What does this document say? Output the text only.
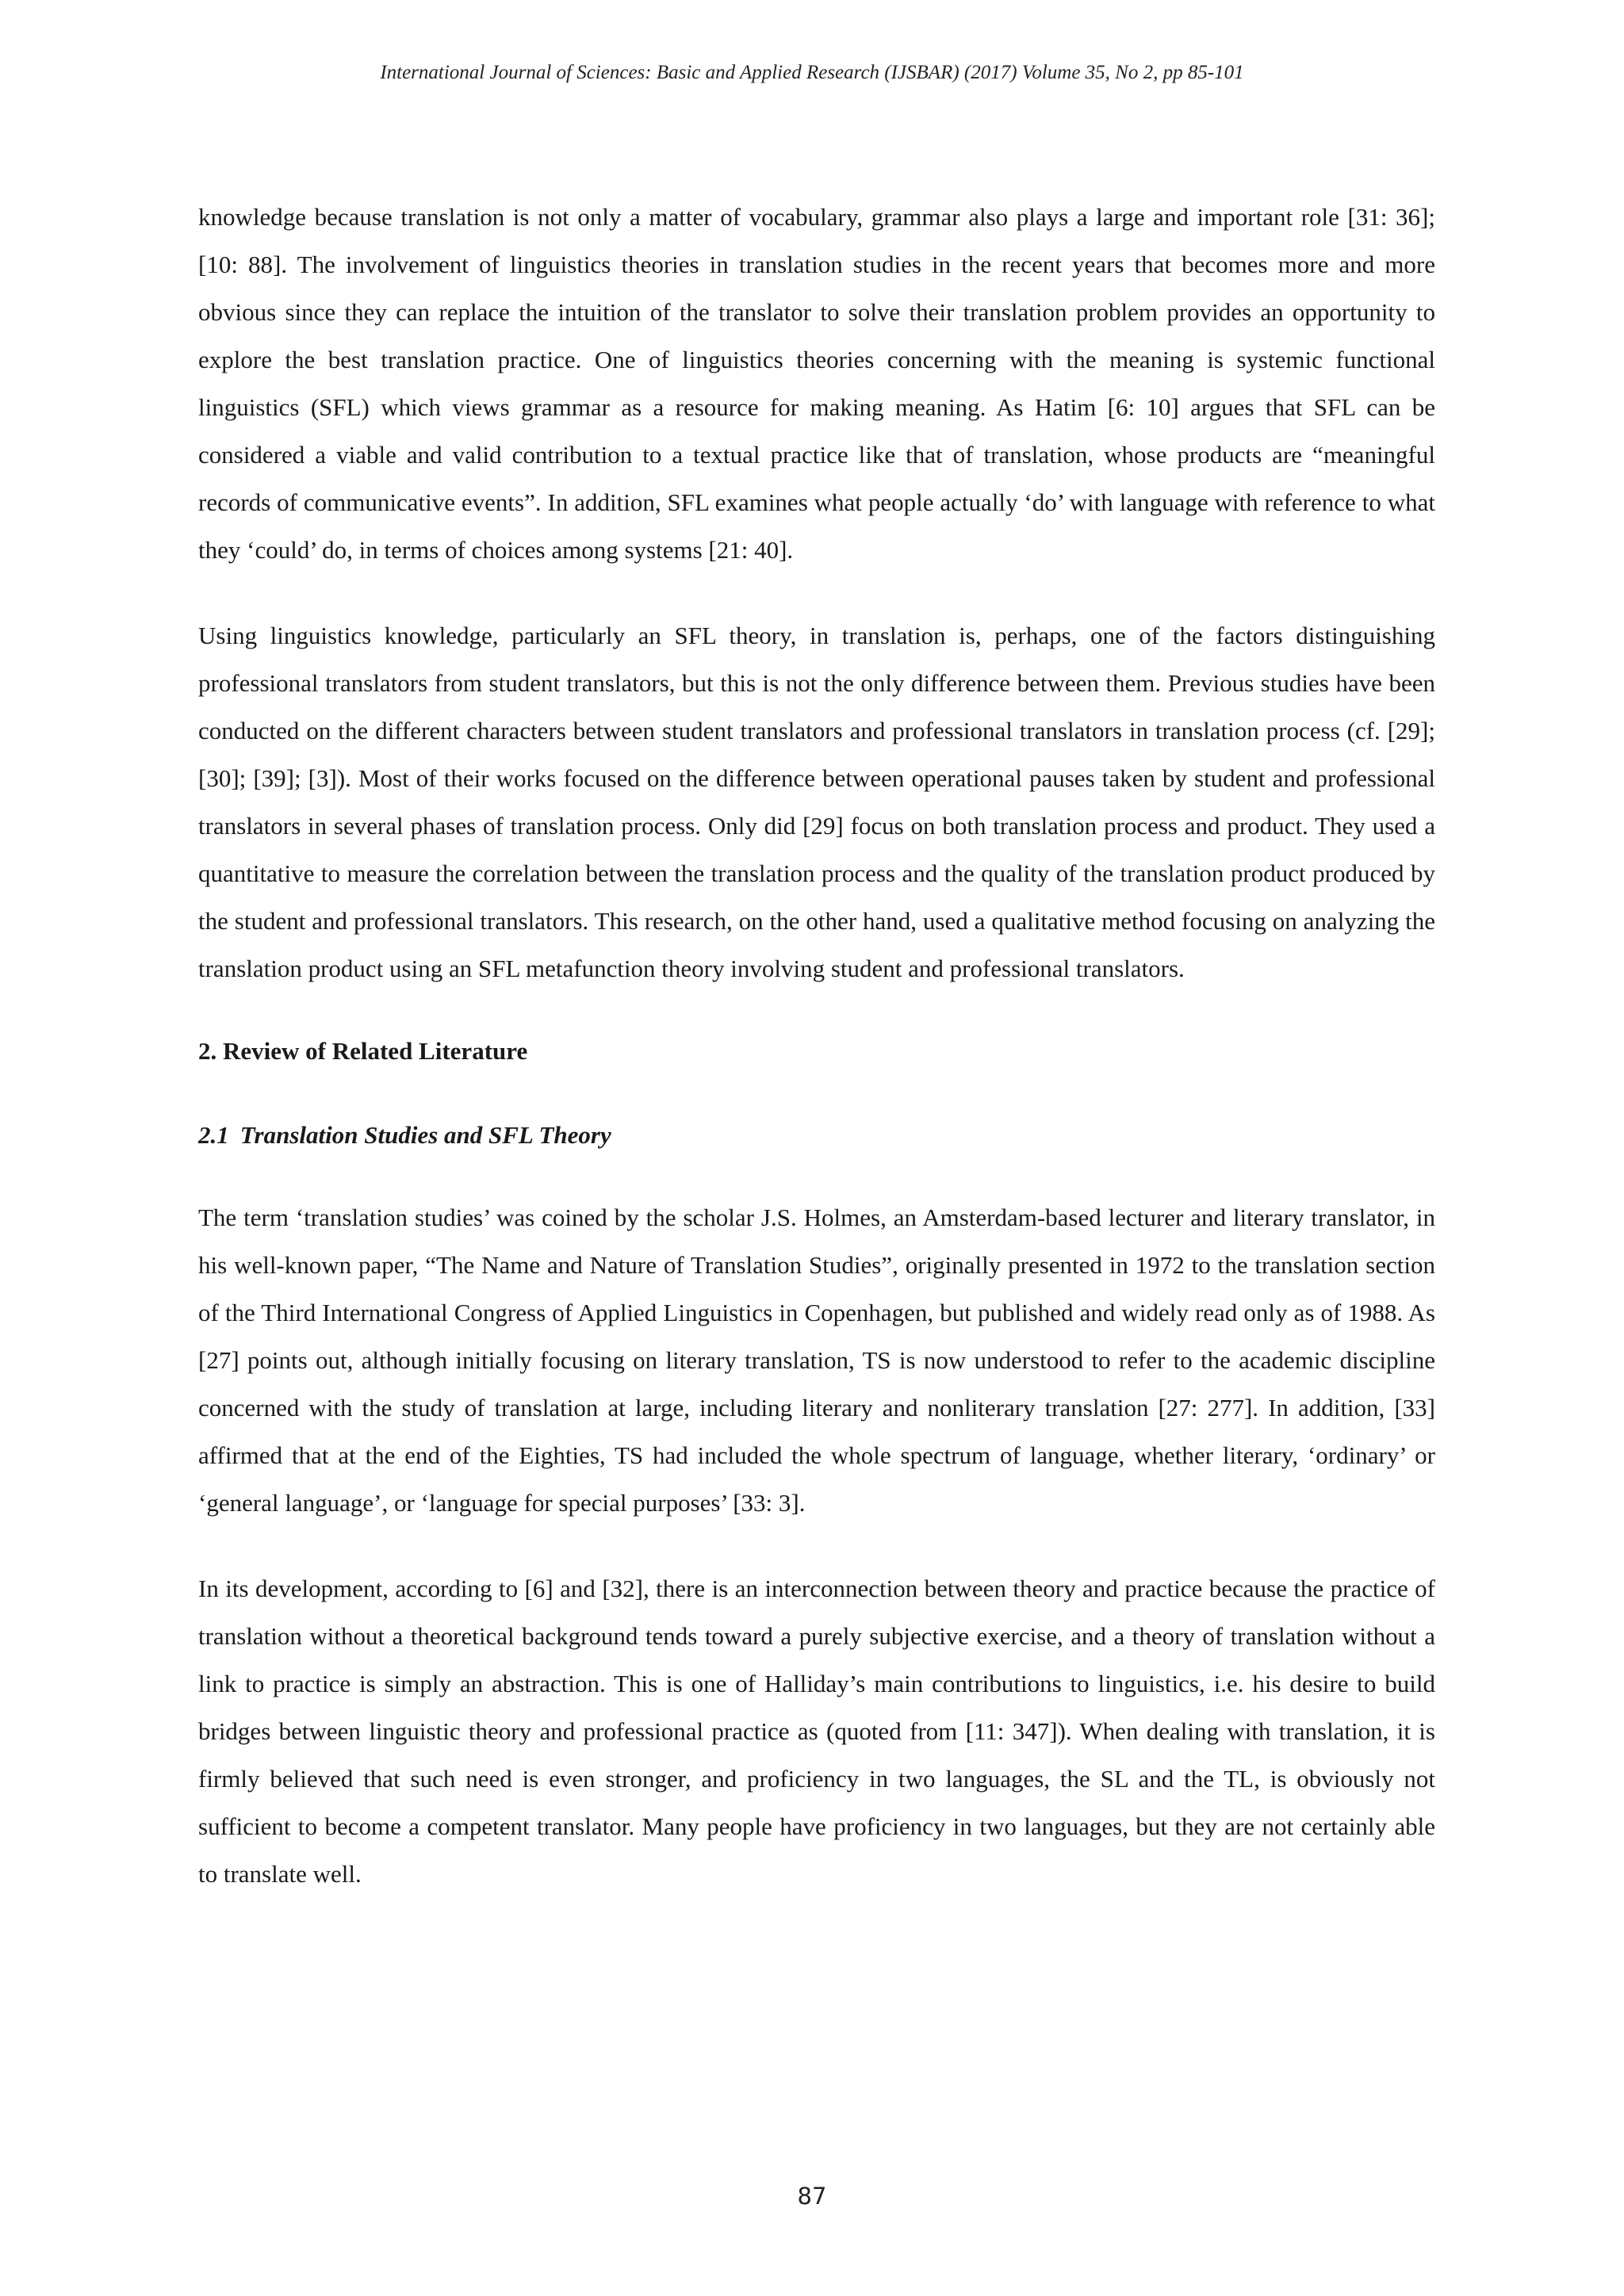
International Journal of Sciences: Basic and Applied Research (IJSBAR) (2017) Volume 35, No 2, pp 85-101

knowledge because translation is not only a matter of vocabulary, grammar also plays a large and important role [31: 36]; [10: 88]. The involvement of linguistics theories in translation studies in the recent years that becomes more and more obvious since they can replace the intuition of the translator to solve their translation problem provides an opportunity to explore the best translation practice. One of linguistics theories concerning with the meaning is systemic functional linguistics (SFL) which views grammar as a resource for making meaning. As Hatim [6: 10] argues that SFL can be considered a viable and valid contribution to a textual practice like that of translation, whose products are “meaningful records of communicative events”. In addition, SFL examines what people actually ‘do’ with language with reference to what they ‘could’ do, in terms of choices among systems [21: 40].

Using linguistics knowledge, particularly an SFL theory, in translation is, perhaps, one of the factors distinguishing professional translators from student translators, but this is not the only difference between them. Previous studies have been conducted on the different characters between student translators and professional translators in translation process (cf. [29]; [30]; [39]; [3]). Most of their works focused on the difference between operational pauses taken by student and professional translators in several phases of translation process. Only did [29] focus on both translation process and product. They used a quantitative to measure the correlation between the translation process and the quality of the translation product produced by the student and professional translators. This research, on the other hand, used a qualitative method focusing on analyzing the translation product using an SFL metafunction theory involving student and professional translators.

2. Review of Related Literature
2.1 Translation Studies and SFL Theory

The term ‘translation studies’ was coined by the scholar J.S. Holmes, an Amsterdam-based lecturer and literary translator, in his well-known paper, “The Name and Nature of Translation Studies”, originally presented in 1972 to the translation section of the Third International Congress of Applied Linguistics in Copenhagen, but published and widely read only as of 1988. As [27] points out, although initially focusing on literary translation, TS is now understood to refer to the academic discipline concerned with the study of translation at large, including literary and nonliterary translation [27: 277]. In addition, [33] affirmed that at the end of the Eighties, TS had included the whole spectrum of language, whether literary, ‘ordinary’ or ‘general language’, or ‘language for special purposes’ [33: 3].

In its development, according to [6] and [32], there is an interconnection between theory and practice because the practice of translation without a theoretical background tends toward a purely subjective exercise, and a theory of translation without a link to practice is simply an abstraction. This is one of Halliday’s main contributions to linguistics, i.e. his desire to build bridges between linguistic theory and professional practice as (quoted from [11: 347]). When dealing with translation, it is firmly believed that such need is even stronger, and proficiency in two languages, the SL and the TL, is obviously not sufficient to become a competent translator. Many people have proficiency in two languages, but they are not certainly able to translate well.

87
